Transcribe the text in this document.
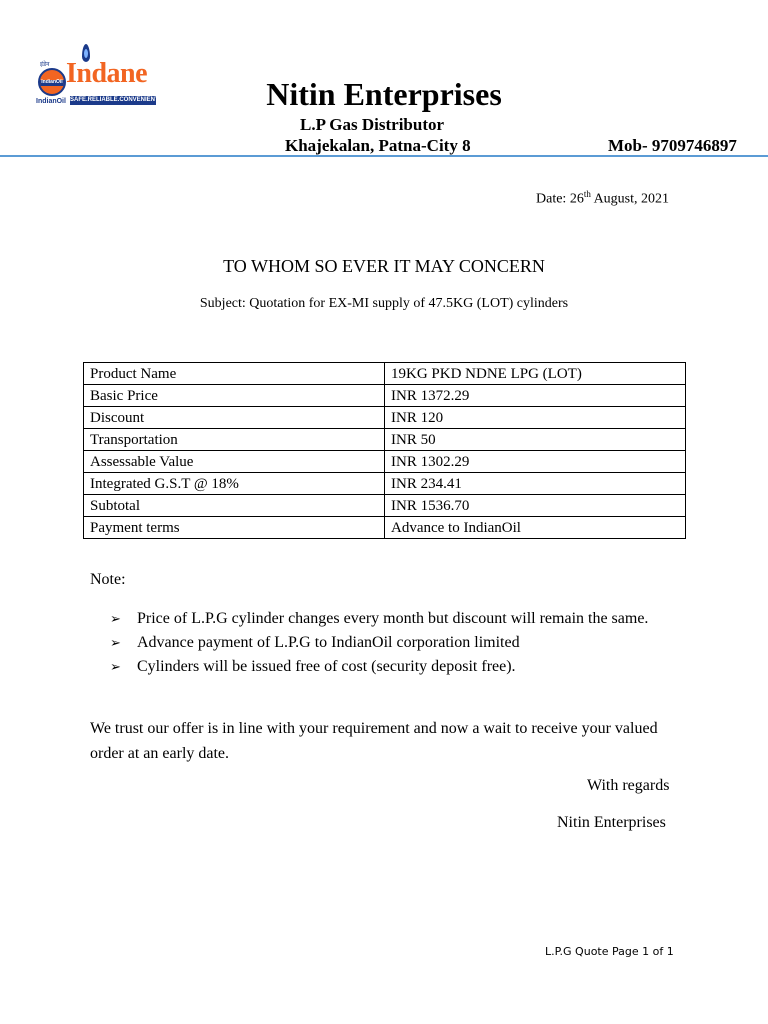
IndianOil
इंडेन Indane
SAFE.RELIABLE.CONVENIENT
IndianOil	Nitin Enterprises
L.P Gas Distributor
Khajekalan, Patna-City 8	Mob- 9709746897
Date: 26th August, 2021
TO WHOM SO EVER IT MAY CONCERN
Subject: Quotation for EX-MI supply of 47.5KG (LOT) cylinders
Product Name	19KG PKD NDNE LPG (LOT)
Basic Price	INR 1372.29
Discount	INR 120
Transportation	INR 50
Assessable Value	INR 1302.29
Integrated G.S.T @ 18%	INR 234.41
Subtotal	INR 1536.70
Payment terms	Advance to IndianOil
Note:
➢ Price of L.P.G cylinder changes every month but discount will remain the same.
➢ Advance payment of L.P.G to IndianOil corporation limited
➢ Cylinders will be issued free of cost (security deposit free).
We trust our offer is in line with your requirement and now a wait to receive your valued order at an early date.
With regards
Nitin Enterprises
L.P.G Quote Page 1 of 1
